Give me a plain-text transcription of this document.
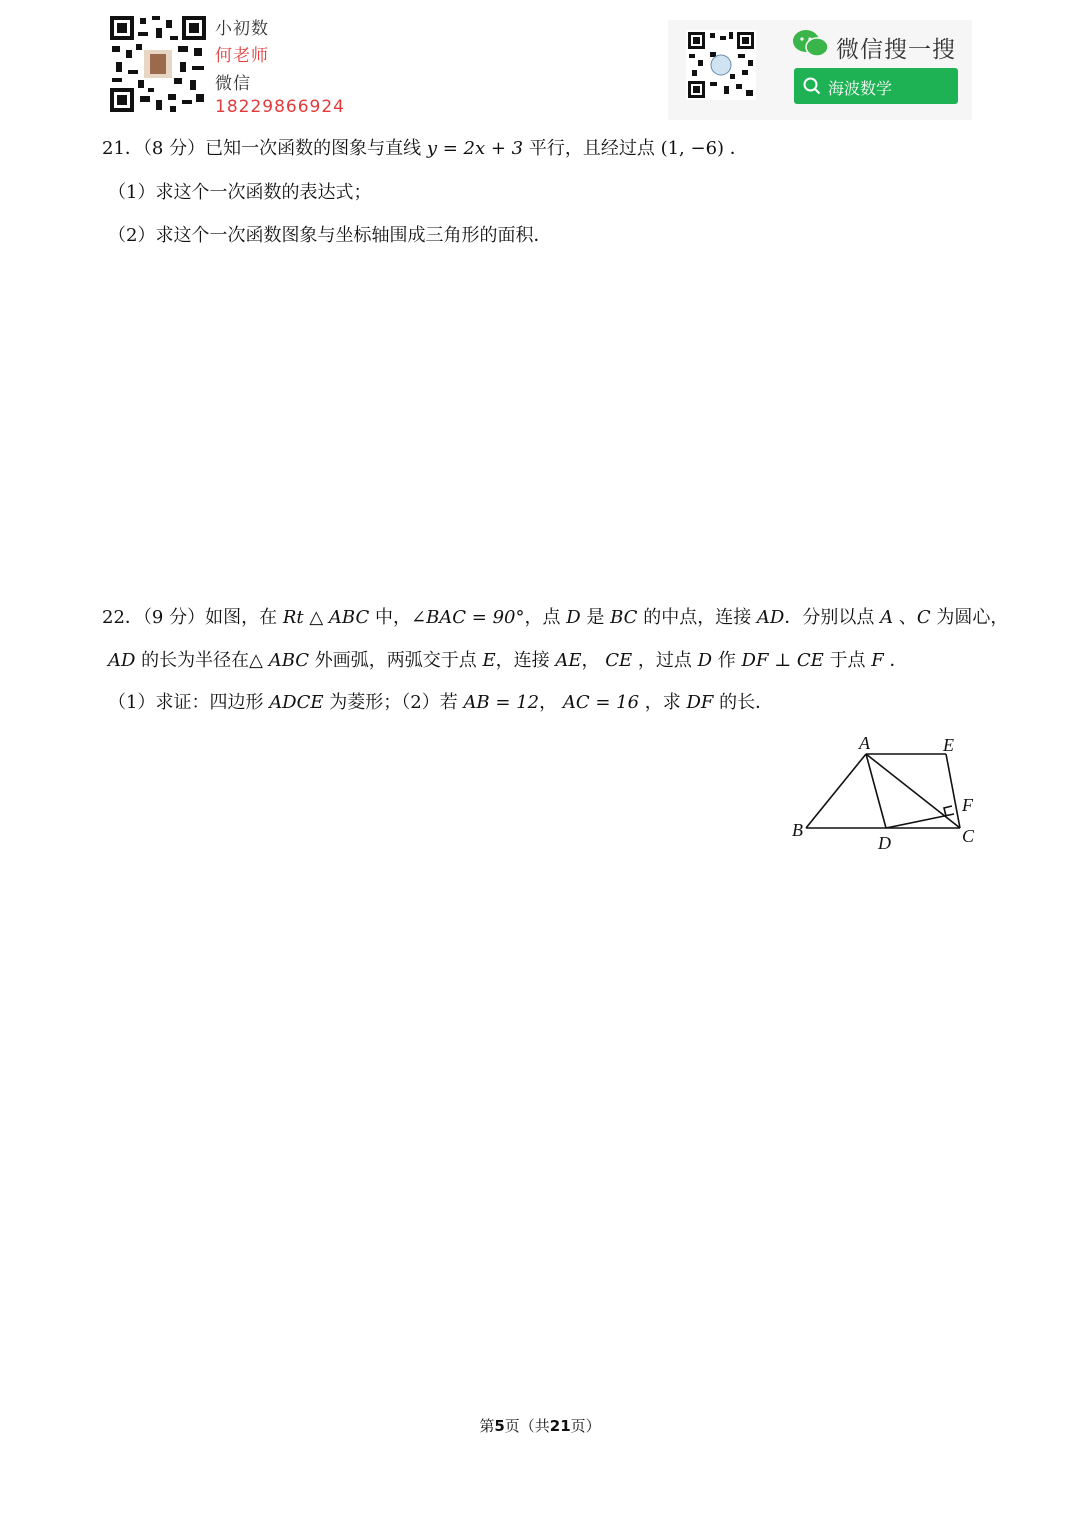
小初数
何老师
微信
18229866924
微信搜一搜
海波数学
21．（8 分）已知一次函数的图象与直线 y = 2x + 3 平行，且经过点 (1, −6) ．
（1）求这个一次函数的表达式；
（2）求这个一次函数图象与坐标轴围成三角形的面积．
22．（9 分）如图，在 Rt △ ABC 中，∠BAC = 90°，点 D 是 BC 的中点，连接 AD．分别以点 A 、C 为圆心，
AD 的长为半径在△ ABC 外画弧，两弧交于点 E，连接 AE， CE ，过点 D 作 DF ⊥ CE 于点 F ．
（1）求证：四边形 ADCE 为菱形；（2）若 AB = 12， AC = 16 ，求 DF 的长．
A	E
F
B
D	C
第5页（共21页）
